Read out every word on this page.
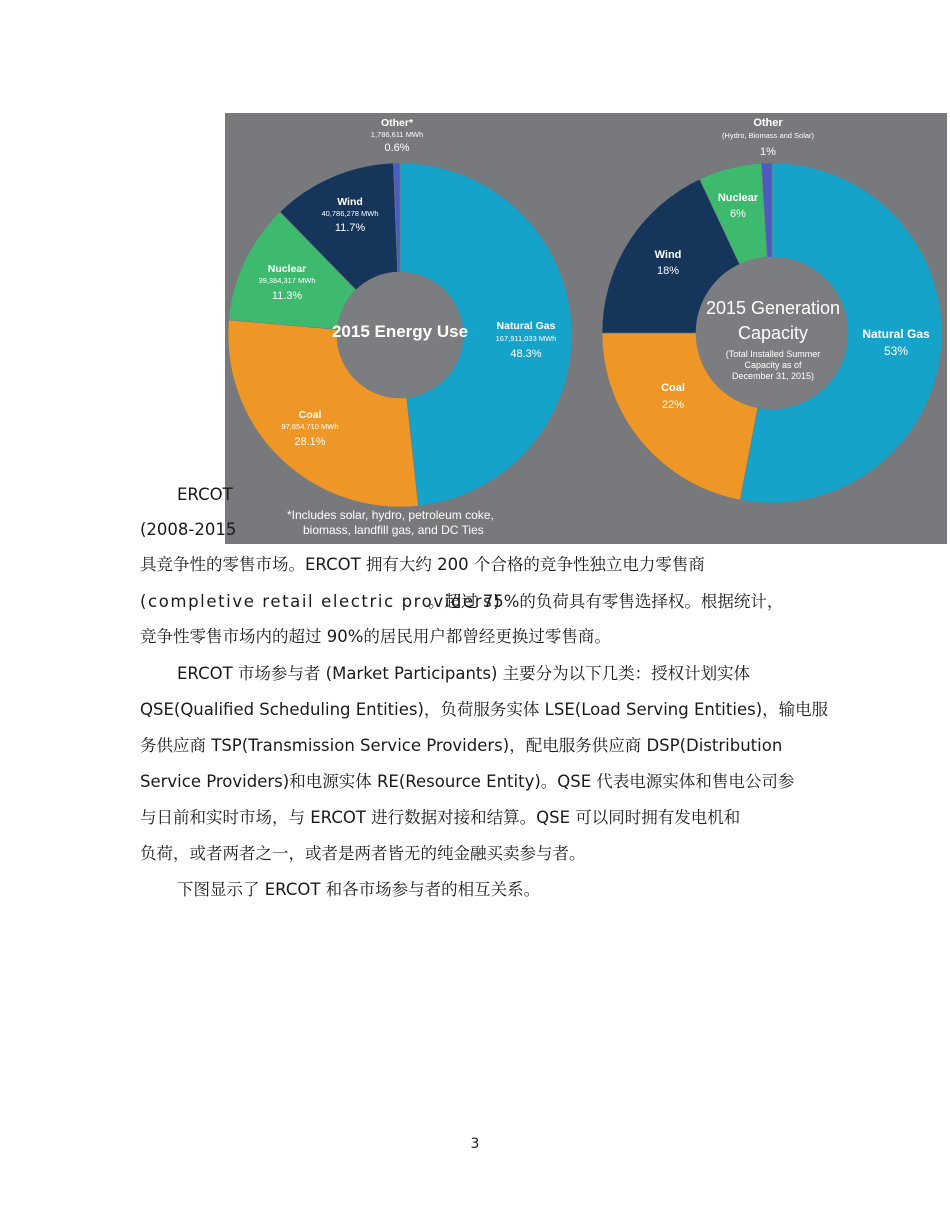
2015 Energy Use
2015 Generation
Capacity
(Total Installed Summer
Capacity as of
December 31, 2015)
*Includes solar, hydro, petroleum coke,
biomass, landfill gas, and DC Ties
Other*
1,786,611 MWh
0.6%
Wind
40,786,278 MWh
11.7%
Nuclear
39,384,317 MWh
11.3%
Natural Gas
167,911,033 MWh
48.3%
Coal
97,654,710 MWh
28.1%
Other
(Hydro, Biomass and Solar)
1%
Nuclear
6%
Wind
18%
Natural Gas
53%
Coal
22%
ERCOT
(2008-2015
具竞争性的零售市场。ERCOT 拥有大约 200 个合格的竞争性独立电力零售商
(completive retail electric providers)
。超过 75%的负荷具有零售选择权。根据统计，
竞争性零售市场内的超过 90%的居民用户都曾经更换过零售商。
ERCOT 市场参与者 (Market Participants) 主要分为以下几类：授权计划实体
QSE(Qualified Scheduling Entities)，负荷服务实体 LSE(Load Serving Entities)，输电服
务供应商 TSP(Transmission Service Providers)，配电服务供应商 DSP(Distribution
Service Providers)和电源实体 RE(Resource Entity)。QSE 代表电源实体和售电公司参
与日前和实时市场，与 ERCOT 进行数据对接和结算。QSE 可以同时拥有发电机和
负荷，或者两者之一，或者是两者皆无的纯金融买卖参与者。
下图显示了 ERCOT 和各市场参与者的相互关系。
3
